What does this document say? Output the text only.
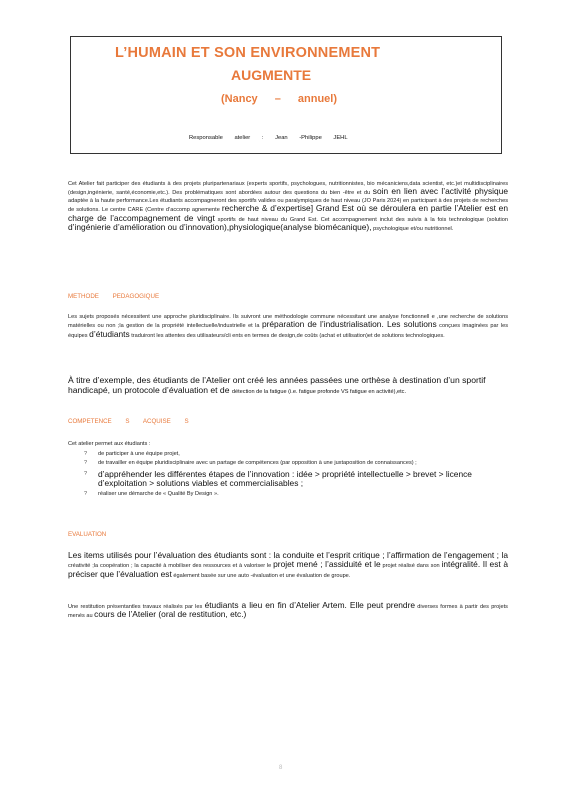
L’HUMAIN ET SON ENVIRONNEMENT
AUGMENTE
(Nancy – annuel)
Responsable atelier : Jean -Philippe JEHL
Cet Atelier fait participer des étudiants à des projets pluripartenariaux (experts sportifs, psychologues, nutritionnistes, bio mécaniciens,data scientist, etc.)et multidisciplinaires (design,ingénierie, santé,économie,etc.). Des problématiques sont abordées autour des questions du bien -être et du soin en lien avec l’activité physique adaptée à la haute performance.Les étudiants accompagneront des sportifs valides ou paralympiques de haut niveau (JO Paris 2024) en participant à des projets de recherches de solutions. Le centre CARE (Centre d’accomp agnemente recherche & d’expertise] Grand Est où se déroulera en partie l’Atelier est en charge de l’accompagnement de vingt sportifs de haut niveau du Grand Est. Cet accompagnement inclut des suivis à la fois technologique (solution d’ingénierie d’amélioration ou d’innovation),physiologique(analyse biomécanique), psychologique et/ou nutritionnel.
METHODE PEDAGOGIQUE
Les sujets proposés nécessitent une approche pluridisciplinaire. Ils suivront une méthodologie commune nécessitant une analyse fonctionnell e ,une recherche de solutions matérielles ou non ;la gestion de la propriété intellectuelle/industrielle et la préparation de l’industrialisation. Les solutions conçues imaginées par les équipes d’étudiants traduiront les attentes des utilisateurs/cli ents en termes de design,de coûts (achat et utilisation)et de solutions technologiques.
À titre d’exemple, des étudiants de l’Atelier ont créé les années passées une orthèse à destination d’un sportif handicapé, un protocole d’évaluation et de détection de la fatigue (i.e. fatigue profonde VS fatigue en activité),etc.
COMPETENCE S ACQUISE S
Cet atelier permet aux étudiants :
? de participer à une équipe projet,
? de travailler en équipe pluridisciplinaire avec un partage de compétences (par opposition à une juxtaposition de connaissances) ;
? d’appréhender les différentes étapes de l’innovation : idée > propriété intellectuelle > brevet > licence d’exploitation > solutions viables et commercialisables ;
? réaliser une démarche de « Qualité By Design ».
EVALUATION
Les items utilisés pour l’évaluation des étudiants sont : la conduite et l’esprit critique ; l’affirmation de l’engagement ; la créativité ;la coopération ; la capacité à mobiliser des ressources et à valoriser le projet mené ; l’assiduité et le projet réalisé dans son intégralité. Il est à préciser que l’évaluation est également basée sur une auto -évaluation et une évaluation de groupe.
Une restitution présentantles travaux réalisés par les étudiants a lieu en fin d’Atelier Artem. Elle peut prendre diverses formes à partir des projets menés au cours de l’Atelier (oral de restitution, etc.)
8
